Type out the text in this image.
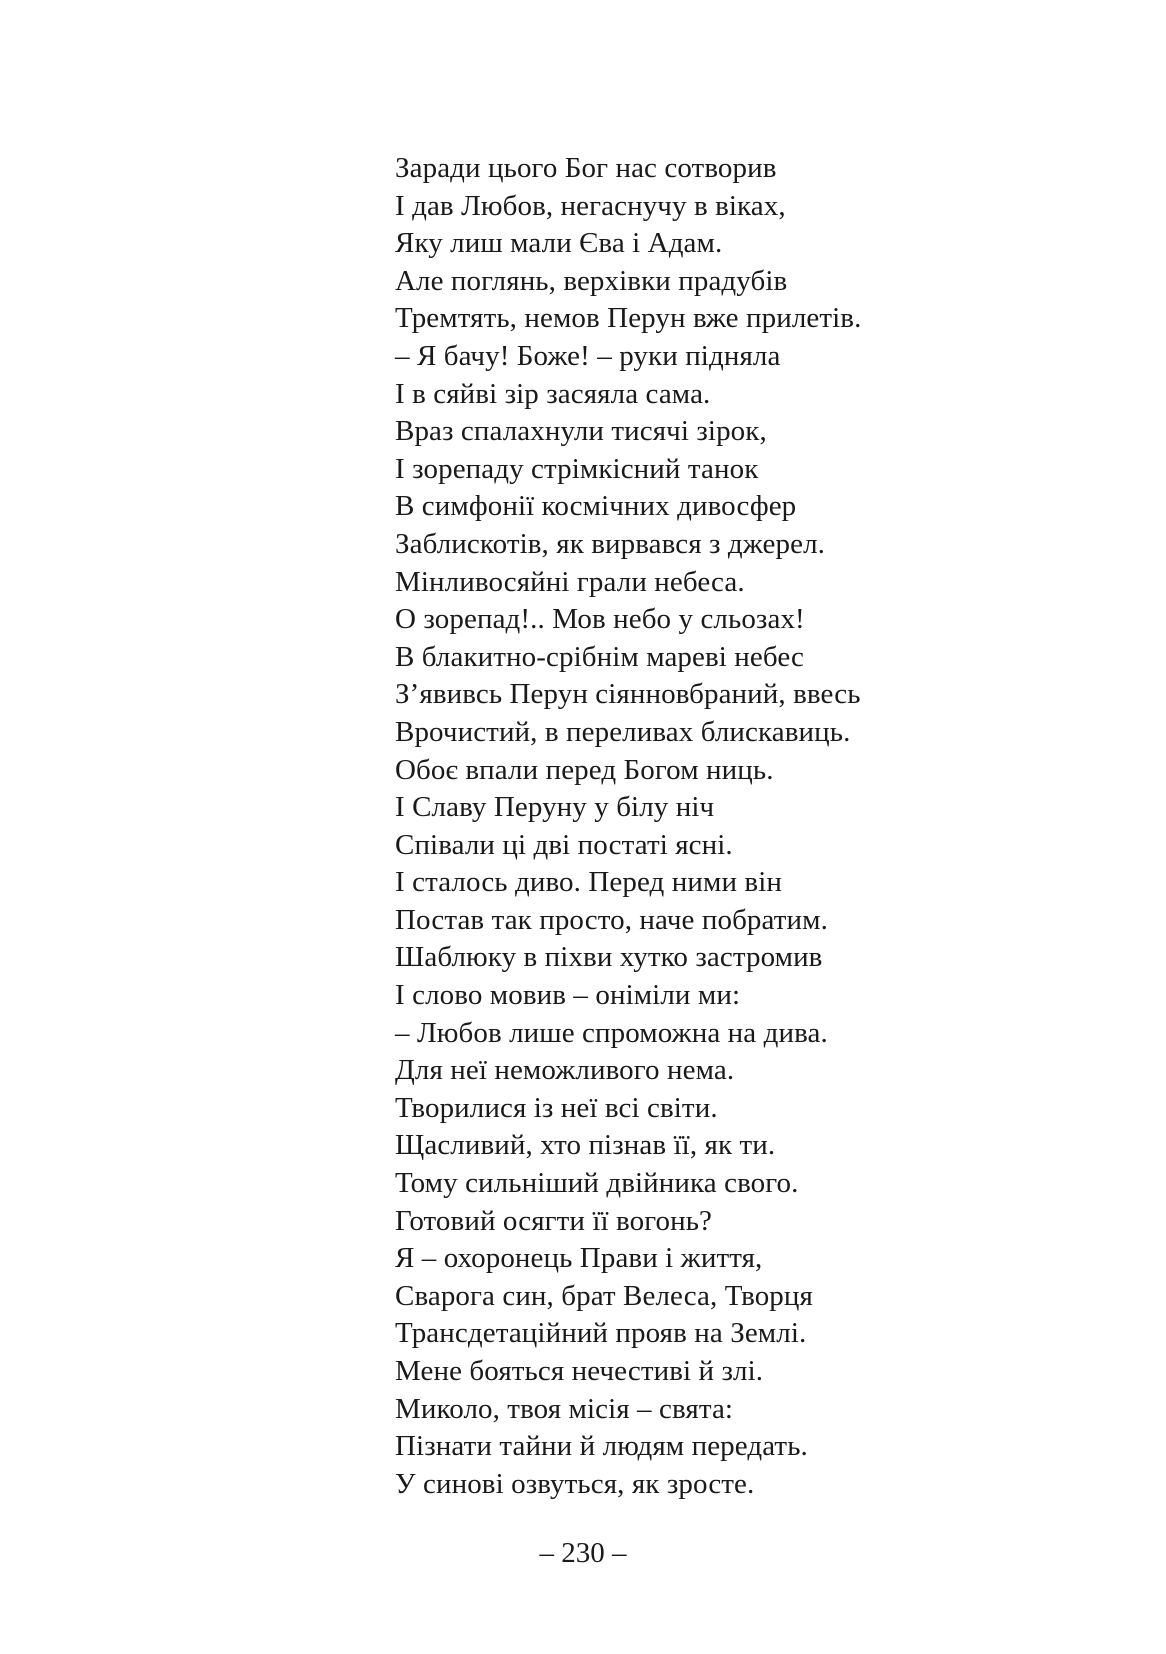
Заради цього Бог нас сотворив
І дав Любов, негаснучу в віках,
Яку лиш мали Єва і Адам.
Але поглянь, верхівки прадубів
Тремтять, немов Перун вже прилетів.
– Я бачу! Боже! – руки підняла
І в сяйві зір засяяла сама.
Враз спалахнули тисячі зірок,
І зорепаду стрімкісний танок
В симфонії космічних дивосфер
Заблискотів, як вирвався з джерел.
Мінливосяйні грали небеса.
О зорепад!.. Мов небо у сльозах!
В блакитно-срібнім мареві небес
З’явивсь Перун сіянновбраний, ввесь
Врочистий, в переливах блискавиць.
Обоє впали перед Богом ниць.
І Славу Перуну у білу ніч
Співали ці дві постаті ясні.
І сталось диво. Перед ними він
Постав так просто, наче побратим.
Шаблюку в піхви хутко застромив
І слово мовив – оніміли ми:
– Любов лише спроможна на дива.
Для неї неможливого нема.
Творилися із неї всі світи.
Щасливий, хто пізнав її, як ти.
Тому сильніший двійника свого.
Готовий осягти її вогонь?
Я – охоронець Прави і життя,
Сварога син, брат Велеса, Творця
Трансдетаційний прояв на Землі.
Мене бояться нечестиві й злі.
Миколо, твоя місія – свята:
Пізнати тайни й людям передать.
У синові озвуться, як зросте.
– 230 –
